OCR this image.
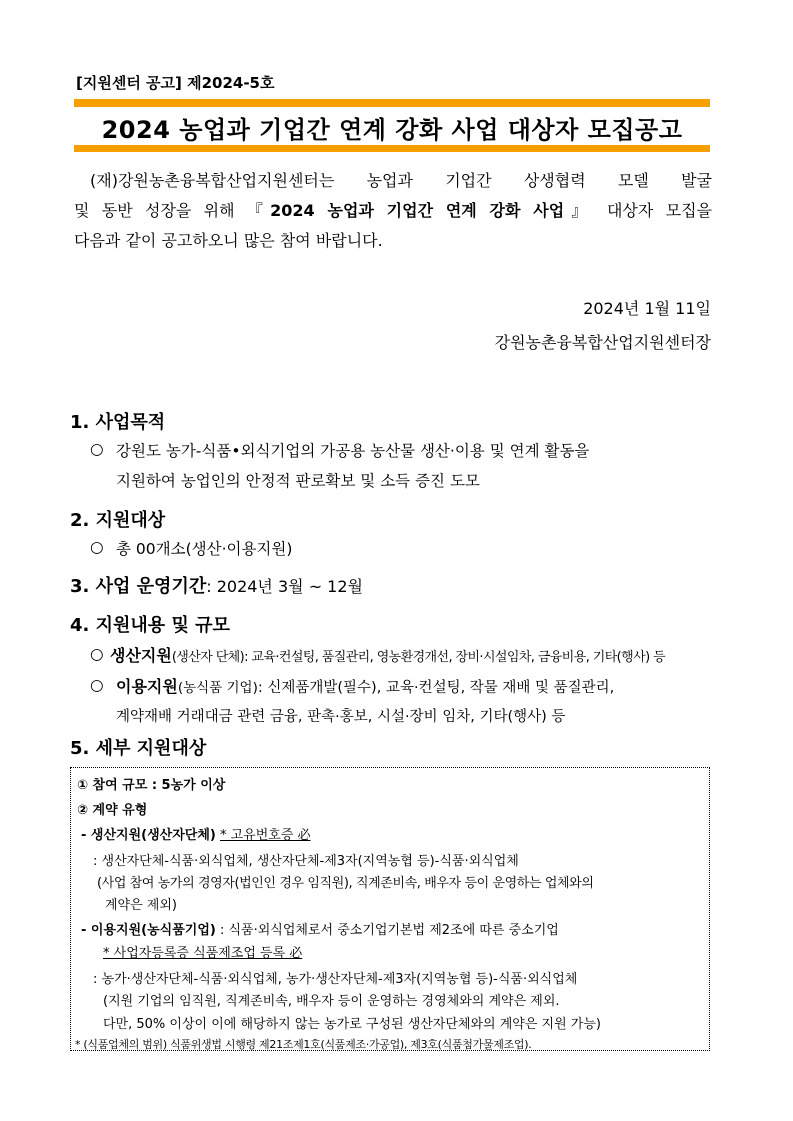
[지원센터 공고] 제2024-5호
2024 농업과 기업간 연계 강화 사업 대상자 모집공고

(재)강원농촌융복합산업지원센터는 농업과 기업간 상생협력 모델 발굴

및 동반 성장을 위해 『2024 농업과 기업간 연계 강화 사업』 대상자 모집을

다음과 같이 공고하오니 많은 참여 바랍니다.

2024년 1월 11일
강원농촌융복합산업지원센터장
1. 사업목적
○ 강원도 농가-식품•외식기업의 가공용 농산물 생산·이용 및 연계 활동을
지원하여 농업인의 안정적 판로확보 및 소득 증진 도모
2. 지원대상
○ 총 00개소(생산·이용지원)
3. 사업 운영기간: 2024년 3월 ~ 12월
4. 지원내용 및 규모
○ 생산지원(생산자 단체): 교육·컨설팅, 품질관리, 영농환경개선, 장비·시설임차, 금융비용, 기타(행사) 등
○ 이용지원(농식품 기업): 신제품개발(필수), 교육·컨설팅, 작물 재배 및 품질관리,
계약재배 거래대금 관련 금융, 판촉·홍보, 시설·장비 임차, 기타(행사) 등
5. 세부 지원대상
① 참여 규모 : 5농가 이상
② 계약 유형
- 생산지원(생산자단체) * 고유번호증 必
: 생산자단체-식품·외식업체, 생산자단체-제3자(지역농협 등)-식품·외식업체
(사업 참여 농가의 경영자(법인인 경우 임직원), 직계존비속, 배우자 등이 운영하는 업체와의
계약은 제외)
- 이용지원(농식품기업) : 식품·외식업체로서 중소기업기본법 제2조에 따른 중소기업
* 사업자등록증 식품제조업 등록 必
: 농가·생산자단체-식품·외식업체, 농가·생산자단체-제3자(지역농협 등)-식품·외식업체
(지원 기업의 임직원, 직계존비속, 배우자 등이 운영하는 경영체와의 계약은 제외.
다만, 50% 이상이 이에 해당하지 않는 농가로 구성된 생산자단체와의 계약은 지원 가능)
* (식품업체의 범위) 식품위생법 시행령 제21조제1호(식품제조·가공업), 제3호(식품첨가물제조업).
